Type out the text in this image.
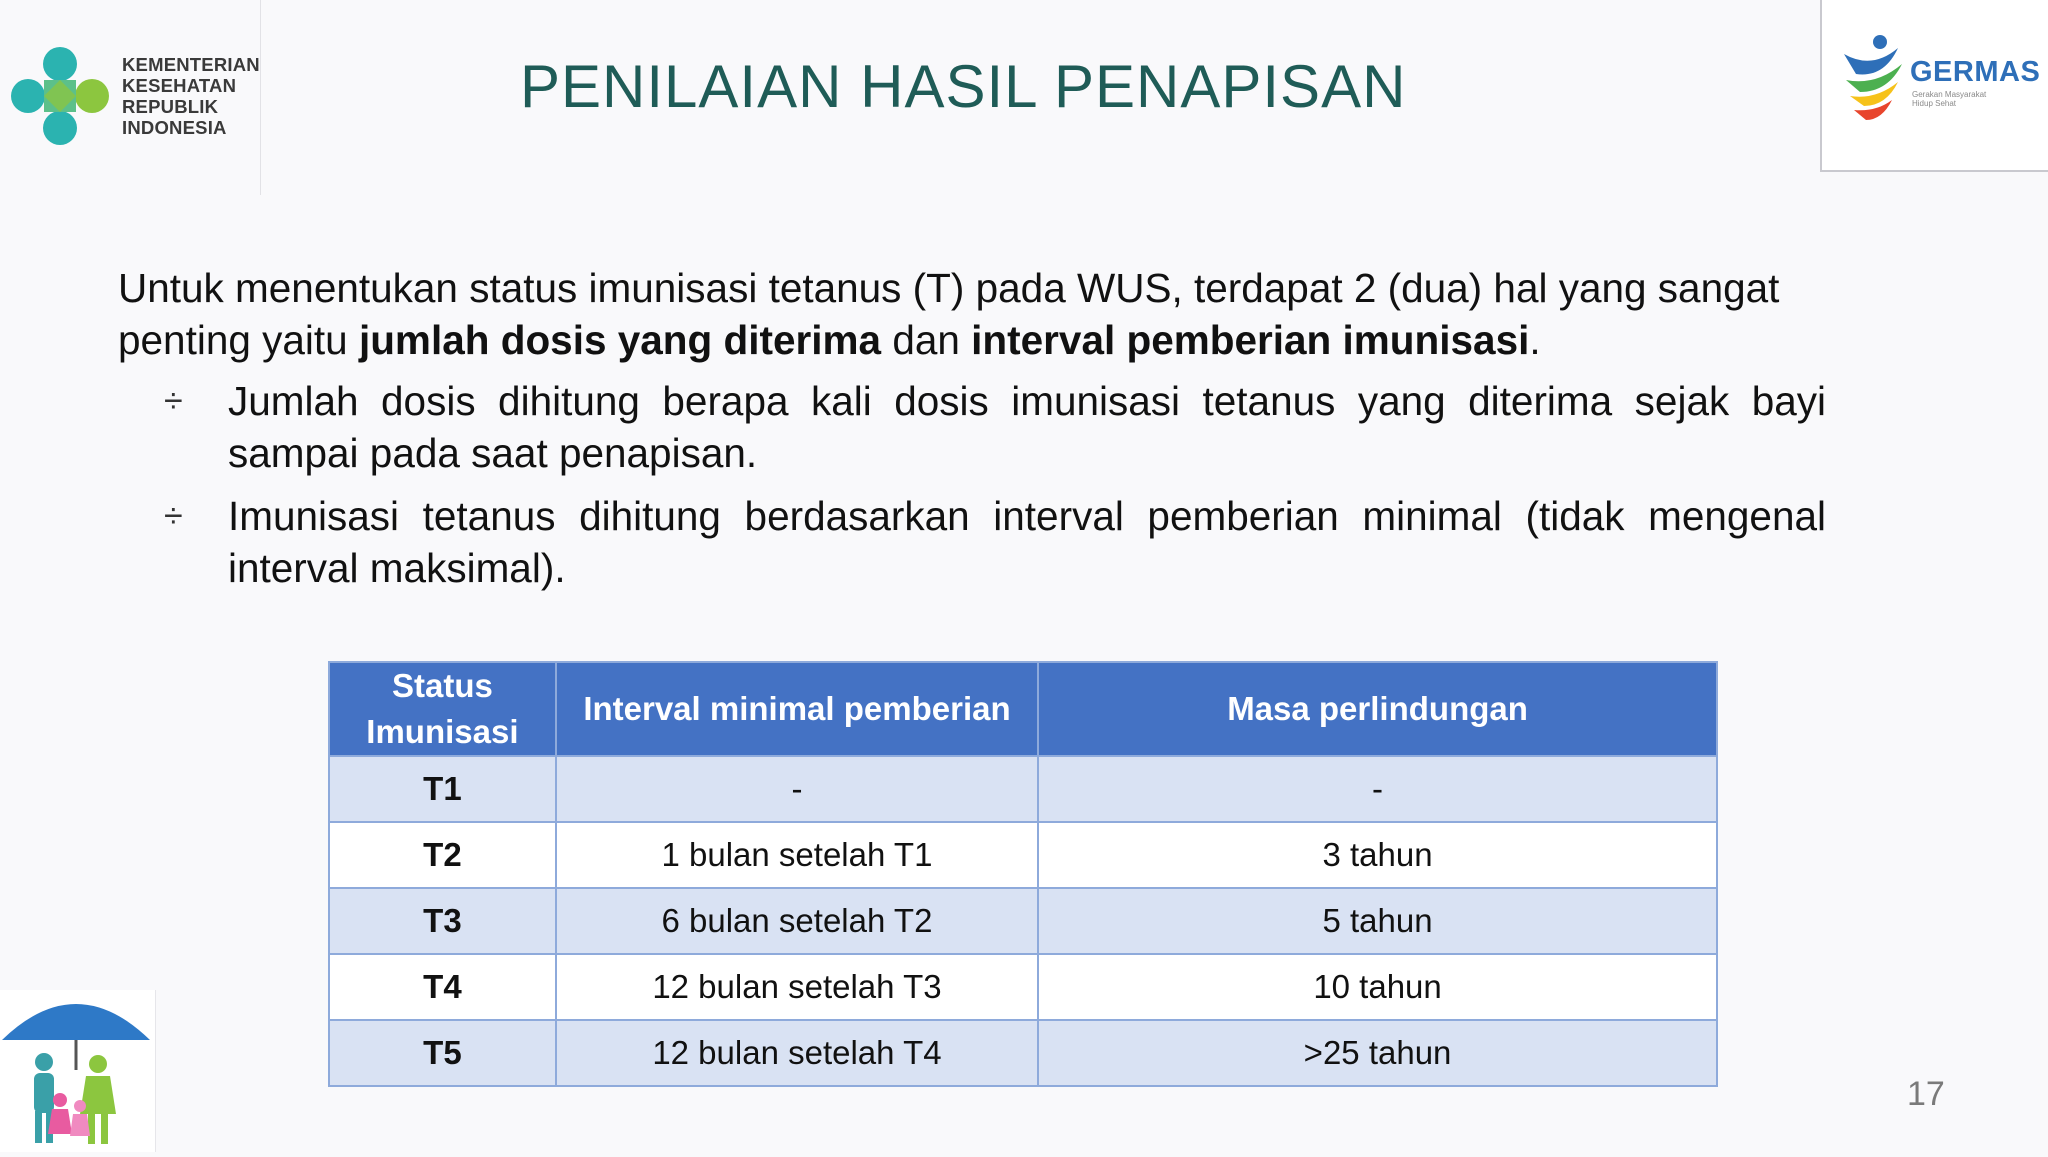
KEMENTERIAN
KESEHATAN
REPUBLIK
INDONESIA
PENILAIAN HASIL PENAPISAN	GERMAS
Gerakan Masyarakat
Hidup Sehat
Untuk menentukan status imunisasi tetanus (T) pada WUS, terdapat 2 (dua) hal yang sangat penting yaitu jumlah dosis yang diterima dan interval pemberian imunisasi.
÷	Jumlah dosis dihitung berapa kali dosis imunisasi tetanus yang diterima sejak bayi sampai pada saat penapisan.
÷	Imunisasi tetanus dihitung berdasarkan interval pemberian minimal (tidak mengenal interval maksimal).
Status Imunisasi	Interval minimal pemberian	Masa perlindungan
T1	-	-
T2	1 bulan setelah T1	3 tahun
T3	6 bulan setelah T2	5 tahun
T4	12 bulan setelah T3	10 tahun
T5	12 bulan setelah T4	>25 tahun
17
